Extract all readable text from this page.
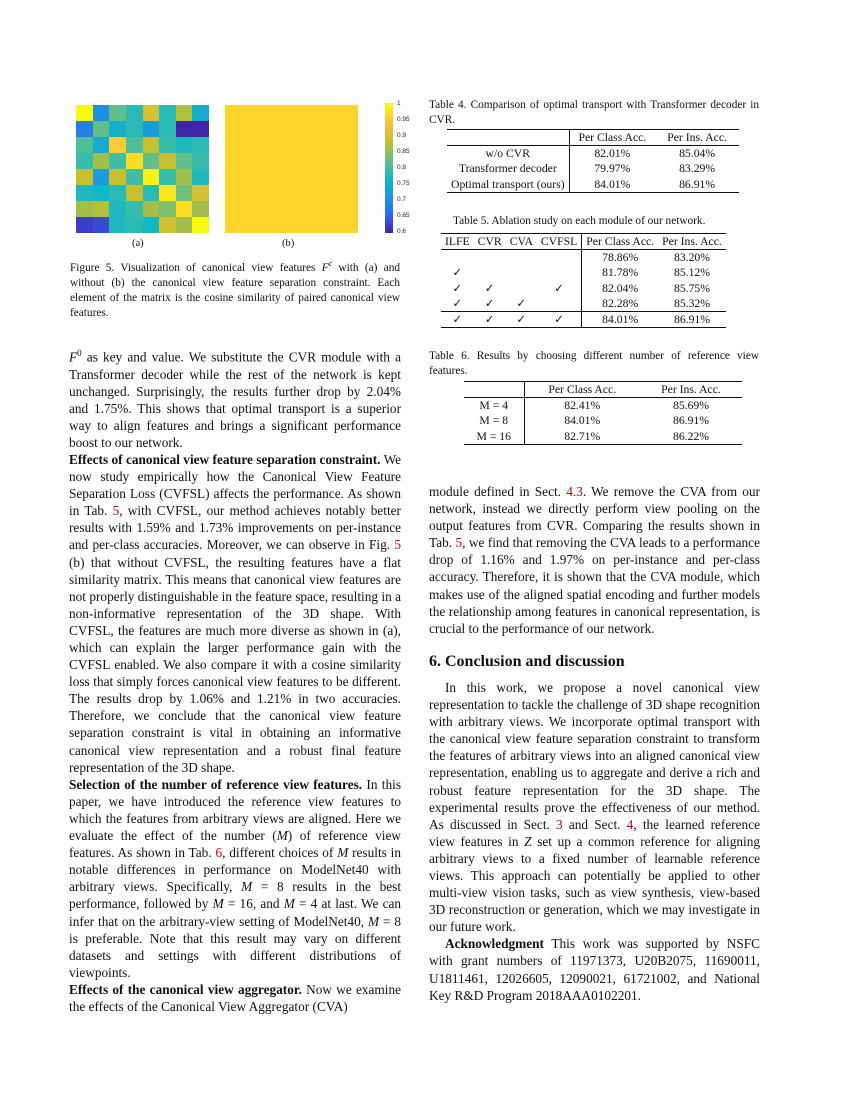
1
0.95
0.9
0.85
0.8
0.75
0.7
0.65
0.6
(a)	(b)
Figure 5. Visualization of canonical view features $F^c$ with (a) and without (b) the canonical view feature separation constraint. Each element of the matrix is the cosine similarity of paired canonical view features.

$F^0$ as key and value. We substitute the CVR module with a Transformer decoder while the rest of the network is kept unchanged. Surprisingly, the results further drop by 2.04% and 1.75%. This shows that optimal transport is a superior way to align features and brings a significant performance boost to our network.

Effects of canonical view feature separation constraint. We now study empirically how the Canonical View Feature Separation Loss (CVFSL) affects the performance. As shown in Tab. 5, with CVFSL, our method achieves notably better results with 1.59% and 1.73% improvements on per-instance and per-class accuracies. Moreover, we can observe in Fig. 5 (b) that without CVFSL, the resulting features have a flat similarity matrix. This means that canonical view features are not properly distinguishable in the feature space, resulting in a non-informative representation of the 3D shape. With CVFSL, the features are much more diverse as shown in (a), which can explain the larger performance gain with the CVFSL enabled. We also compare it with a cosine similarity loss that simply forces canonical view features to be different. The results drop by 1.06% and 1.21% in two accuracies. Therefore, we conclude that the canonical view feature separation constraint is vital in obtaining an informative canonical view representation and a robust final feature representation of the 3D shape.

Selection of the number of reference view features. In this paper, we have introduced the reference view features to which the features from arbitrary views are aligned. Here we evaluate the effect of the number (M) of reference view features. As shown in Tab. 6, different choices of M results in notable differences in performance on ModelNet40 with arbitrary views. Specifically, M = 8 results in the best performance, followed by M = 16, and M = 4 at last. We can infer that on the arbitrary-view setting of ModelNet40, M = 8 is preferable. Note that this result may vary on different datasets and settings with different distributions of viewpoints.

Effects of the canonical view aggregator. Now we examine the effects of the Canonical View Aggregator (CVA)

Table 4. Comparison of optimal transport with Transformer decoder in CVR.
	Per Class Acc.	Per Ins. Acc.
w/o CVR	82.01%	85.04%
Transformer decoder	79.97%	83.29%
Optimal transport (ours)	84.01%	86.91%
Table 5. Ablation study on each module of our network.
ILFE	CVR	CVA	CVFSL	Per Class Acc.	Per Ins. Acc.
				78.86%	83.20%
✓				81.78%	85.12%
✓	✓		✓	82.04%	85.75%
✓	✓	✓		82.28%	85.32%
✓	✓	✓	✓	84.01%	86.91%
Table 6. Results by choosing different number of reference view features.
	Per Class Acc.	Per Ins. Acc.
M = 4	82.41%	85.69%
M = 8	84.01%	86.91%
M = 16	82.71%	86.22%

module defined in Sect. 4.3. We remove the CVA from our network, instead we directly perform view pooling on the output features from CVR. Comparing the results shown in Tab. 5, we find that removing the CVA leads to a performance drop of 1.16% and 1.97% on per-instance and per-class accuracy. Therefore, it is shown that the CVA module, which makes use of the aligned spatial encoding and further models the relationship among features in canonical representation, is crucial to the performance of our network.

6. Conclusion and discussion

In this work, we propose a novel canonical view representation to tackle the challenge of 3D shape recognition with arbitrary views. We incorporate optimal transport with the canonical view feature separation constraint to transform the features of arbitrary views into an aligned canonical view representation, enabling us to aggregate and derive a rich and robust feature representation for the 3D shape. The experimental results prove the effectiveness of our method. As discussed in Sect. 3 and Sect. 4, the learned reference view features in Z set up a common reference for aligning arbitrary views to a fixed number of learnable reference views. This approach can potentially be applied to other multi-view vision tasks, such as view synthesis, view-based 3D reconstruction or generation, which we may investigate in our future work.

Acknowledgment This work was supported by NSFC with grant numbers of 11971373, U20B2075, 11690011, U1811461, 12026605, 12090021, 61721002, and National Key R&D Program 2018AAA0102201.
